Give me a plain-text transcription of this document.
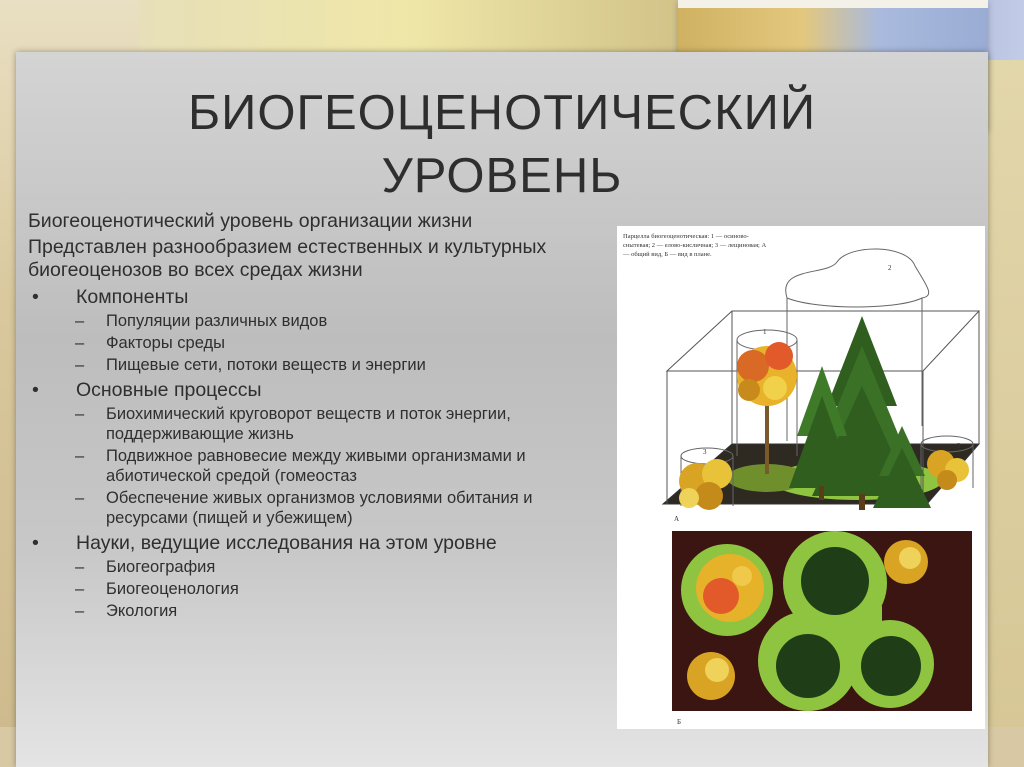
БИОГЕОЦЕНОТИЧЕСКИЙ
УРОВЕНЬ

Биогеоценотический уровень организации жизни

Представлен разнообразием естественных и культурных биогеоценозов во всех средах жизни

• Компоненты
– Популяции различных видов
– Факторы среды
– Пищевые сети, потоки веществ и энергии
• Основные процессы
– Биохимический круговорот веществ и поток энергии, поддерживающие жизнь
– Подвижное равновесие между живыми организмами и абиотической средой (гомеостаз
– Обеспечение живых организмов условиями обитания и ресурсами (пищей и убежищем)
• Науки, ведущие исследования на этом уровне
– Биогеография
– Биогеоценология
– Экология
Парцелла биогеоценотическая: 1 — осиново-снытевая; 2 — елово-кисличная; 3 — лещиновая; А — общий вид, Б — вид в плане.
2
1
3
3
А
Б
